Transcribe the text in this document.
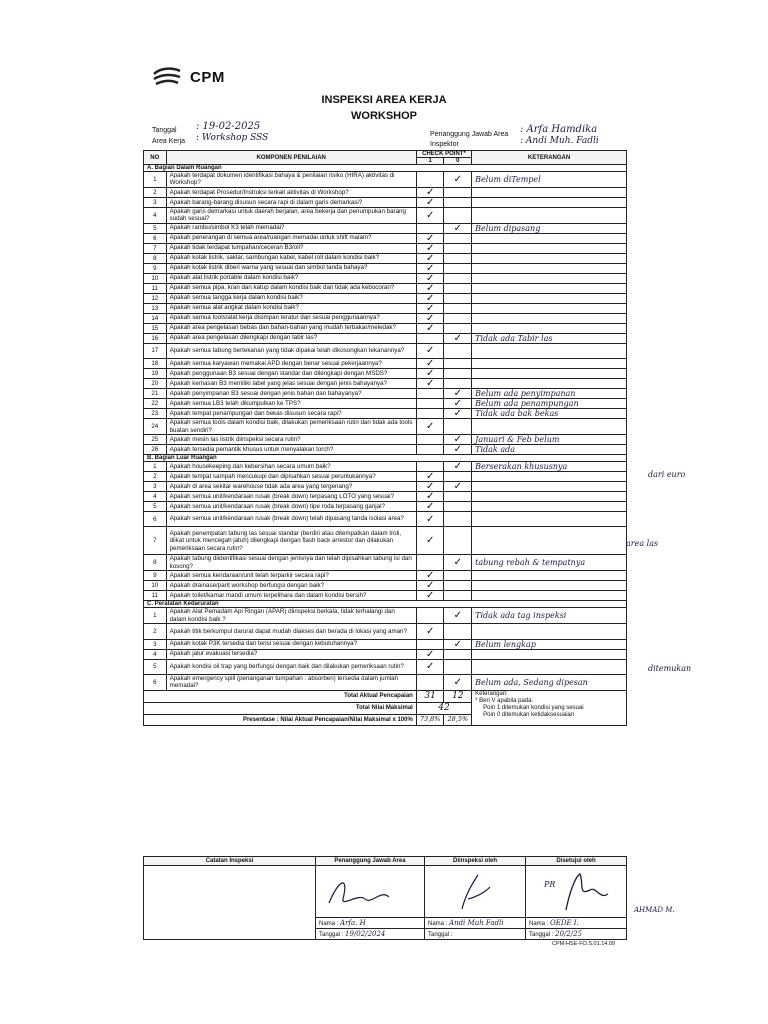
CPM
INSPEKSI AREA KERJA
WORKSHOP
Tanggal : 19-02-2025
Area Kerja : Workshop SSS	Penanggung Jawab Area : Arfa Hamdika
Inspektor	: Andi Muh. Fadli
NO	KOMPONEN PENILAIAN	CHECK POINT*		KETERANGAN
		1	0	
A. Bagian Dalam Ruangan				
1	Apakah terdapat dokumen identifikasi bahaya & penilaian risiko (HIRA) aktivitas di Workshop?		✓	Belum diTempel
2	Apakah terdapat Prosedur/Instruksi terkait aktivitas di Workshop?	✓		
3	Apakah barang-barang disusun secara rapi di dalam garis demarkasi?	✓		
4	Apakah garis demarkasi untuk daerah berjalan, area bekerja dan penumpukan barang sudah sesuai?	✓		
5	Apakah rambu/simbol K3 telah memadai?		✓	Belum dipasang
6	Apakah penerangan di semua area/ruangan memadai untuk shift malam?	✓		
7	Apakah tidak terdapat tumpahan/ceceran B3/oli?	✓		
8	Apakah kotak listrik, saklar, sambungan kabel, kabel roll dalam kondisi baik?	✓		
9	Apakah kotak listrik diberi warna yang sesuai dan simbol tanda bahaya?	✓		
10	Apakah alat listrik portable dalam kondisi baik?	✓		
11	Apakah semua pipa, kran dan katup dalam kondisi baik dan tidak ada kebocoran?	✓		
12	Apakah semua tangga kerja dalam kondisi baik?	✓		
13	Apakah semua alat angkat dalam kondisi baik?	✓		
14	Apakah semua tools/alat kerja disimpan teratur dan sesuai penggunaannya?	✓		
15	Apakah area pengelasan bebas dan bahan-bahan yang mudah terbakar/meledak?	✓		
16	Apakah area pengelasan dilengkapi dengan tabir las?		✓	Tidak ada Tabir las
17	Apakah semua tabung bertekanan yang tidak dipakai telah dikosongkan tekanannya?	✓		
18	Apakah semua karyawan memakai APD dengan benar sesuai pekerjaannya?	✓		
19	Apakah penggunaan B3 sesuai dengan standar dan dilengkapi dengan MSDS?	✓		
20	Apakah kemasan B3 memiliki label yang jelas sesuai dengan jenis bahayanya?	✓		
21	Apakah penyimpanan B3 sesuai dengan jenis bahan dan bahayanya?		✓	Belum ada penyimpanan
22	Apakah semua LB3 telah dikumpulkan ke TPS?		✓	Belum ada penampungan
23	Apakah tempat penampungan dan bekas disusun secara rapi?		✓	Tidak ada bak bekas
24	Apakah semua tools dalam kondisi baik, dilakukan pemeriksaan rutin dan tidak ada tools buatan sendiri?	✓		
25	Apakah mesin las listrik diinspeksi secara rutin?		✓	Januari & Feb belum
26	Apakah tersedia pemantik khusus untuk menyalakan torch?		✓	Tidak ada
B. Bagian Luar Ruangan				
1	Apakah housekeeping dan kebersihan secara umum baik?		✓	Berserakan khususnya
2	Apakah tempat sampah mencukupi dan dipisahkan sesuai peruntukannya?	✓		
3	Apakah di area sekitar warehouse tidak ada area yang tergenang?	✓	✓	
4	Apakah semua unit/kendaraan rusak (break down) terpasang LOTO yang sesuai?	✓		
5	Apakah semua unit/kendaraan rusak (break down) tipe roda terpasang ganjal?	✓		
6	Apakah semua unit/kendaraan rusak (break down) telah dipasang tanda isolasi area?	✓		
7	Apakah penempatan tabung las sesuai standar (berdiri atau ditempatkan dalam troli, diikat untuk mencegah jatuh) dilengkapi dengan flash back arrestor dan dilakukan pemeriksaan secara rutin?	✓		
8	Apakah tabung diidentifikasi sesuai dengan jenisnya dan telah dipisahkan tabung isi dan kosong?		✓	tabung rebah & tempatnya
9	Apakah semua kendaraan/unit telah terparkir secara rapi?	✓		
10	Apakah drainase/parit workshop berfungsi dengan baik?	✓		
11	Apakah toilet/kamar mandi umum terpelihara dan dalam kondisi bersih?	✓		
C. Peralatan Kedaruratan				
1	Apakah Alat Pemadam Api Ringan (APAR) diinspeksi berkala, tidak terhalangi dan dalam kondisi baik ?		✓	Tidak ada tag inspeksi
2	Apakah titik berkumpul darurat dapat mudah diakses dan berada di lokasi yang aman?	✓		
3	Apakah kotak P3K tersedia dan terisi sesuai dengan kebutuhannya?		✓	Belum lengkap
4	Apakah jalur evakuasi tersedia?	✓		
5	Apakah kondisi oil trap yang berfungsi dengan baik dan dilakukan pemeriksaan rutin?	✓		
6	Apakah emergency spill (penanganan tumpahan : absorben) tersedia dalam jumlah memadai?		✓	Belum ada, Sedang dipesan
Total Aktual Pencapaian		31	12	Keterangan:
* Beri V apabila pada:
Poin 1 ditemukan kondisi yang sesuai
Poin 0 ditemukan ketidaksesuaian

Total Nilai Maksimal		42		
Presentase : Nilai Aktual Pencapaian/Nilai Maksimal x 100%		73,8%	28,5%	
dari euro
area las
ditemukan
Catatan Inspeksi	Penanggung Jawab Area	Diinspeksi oleh	Disetujui oleh

PR
AHMAD M.

	Nama : Arfa. H	Nama : Andi Muh Fadli	Nama : OEDE I.
	Tanggal : 19/02/2024	Tanggal :	Tanggal : 20/2/25
CPM-HSE-FO.S.01.14.09
